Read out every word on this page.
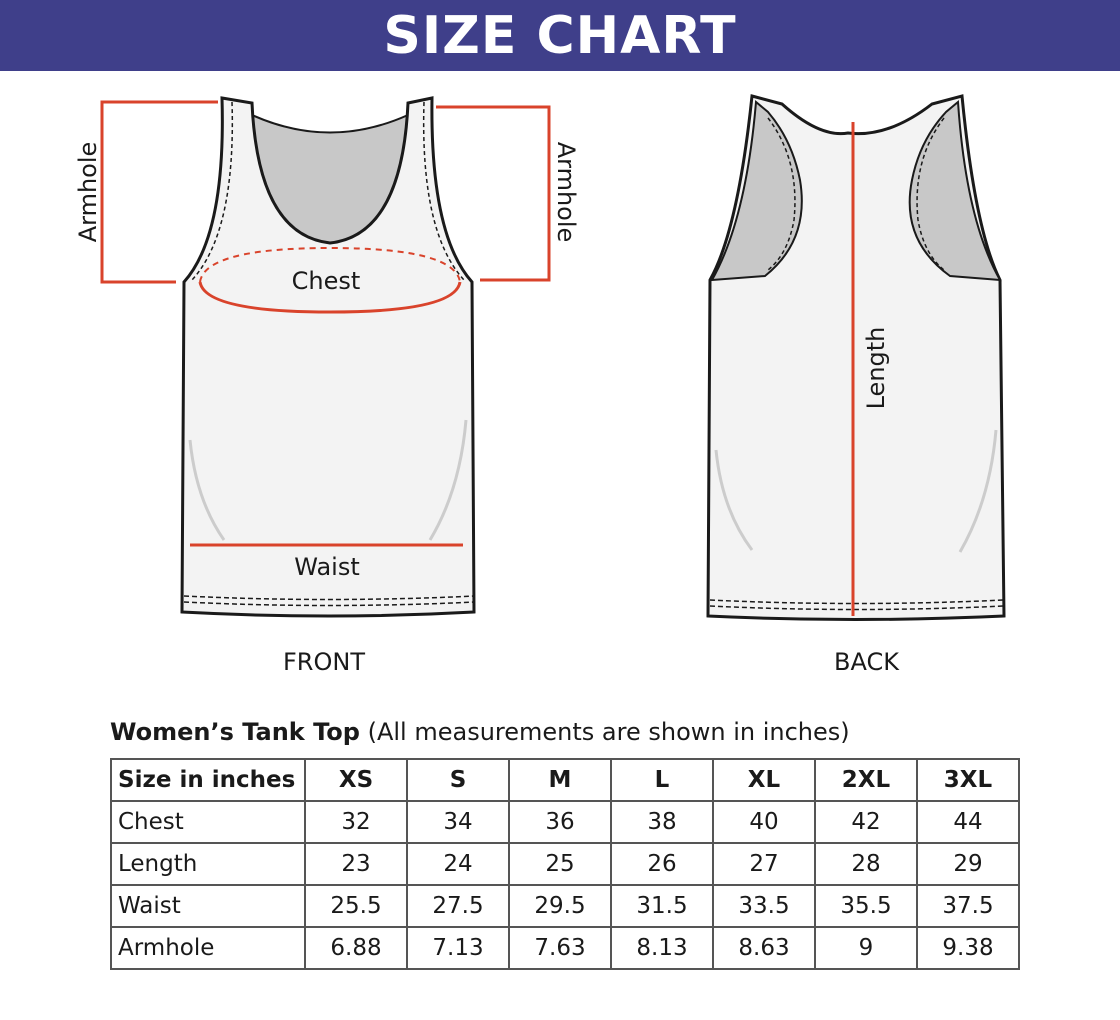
SIZE CHART
Armhole	Armhole
Chest
Waist
Length
FRONT	BACK
Women’s Tank Top (All measurements are shown in inches)
Size in inches	XS	S	M	L	XL	2XL	3XL
Chest	32	34	36	38	40	42	44
Length	23	24	25	26	27	28	29
Waist	25.5	27.5	29.5	31.5	33.5	35.5	37.5
Armhole	6.88	7.13	7.63	8.13	8.63	9	9.38
